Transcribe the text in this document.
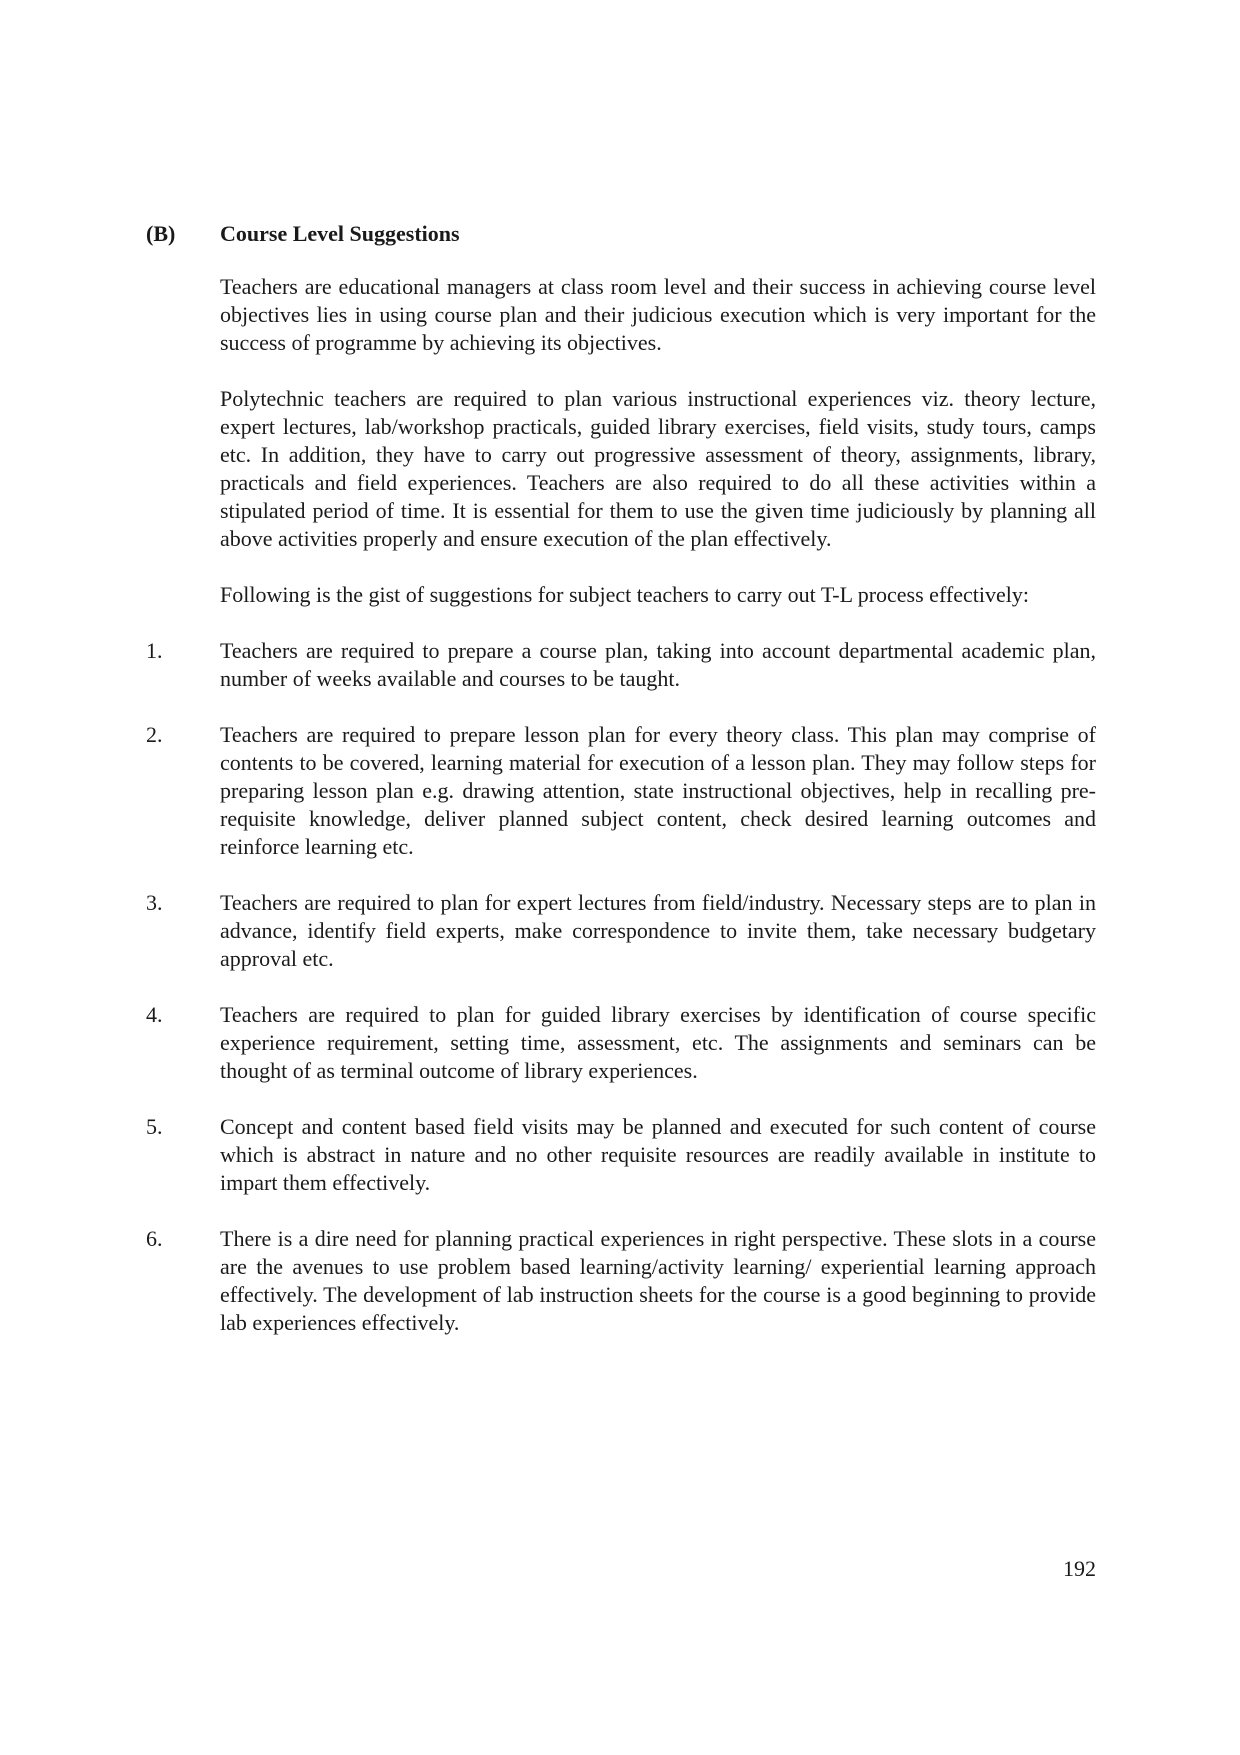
(B) Course Level Suggestions

Teachers are educational managers at class room level and their success in achieving course level objectives lies in using course plan and their judicious execution which is very important for the success of programme by achieving its objectives.

Polytechnic teachers are required to plan various instructional experiences viz. theory lecture, expert lectures, lab/workshop practicals, guided library exercises, field visits, study tours, camps etc. In addition, they have to carry out progressive assessment of theory, assignments, library, practicals and field experiences. Teachers are also required to do all these activities within a stipulated period of time. It is essential for them to use the given time judiciously by planning all above activities properly and ensure execution of the plan effectively.

Following is the gist of suggestions for subject teachers to carry out T-L process effectively:

1.	Teachers are required to prepare a course plan, taking into account departmental academic plan, number of weeks available and courses to be taught.
2.	Teachers are required to prepare lesson plan for every theory class. This plan may comprise of contents to be covered, learning material for execution of a lesson plan. They may follow steps for preparing lesson plan e.g. drawing attention, state instructional objectives, help in recalling pre-requisite knowledge, deliver planned subject content, check desired learning outcomes and reinforce learning etc.
3.	Teachers are required to plan for expert lectures from field/industry. Necessary steps are to plan in advance, identify field experts, make correspondence to invite them, take necessary budgetary approval etc.
4.	Teachers are required to plan for guided library exercises by identification of course specific experience requirement, setting time, assessment, etc. The assignments and seminars can be thought of as terminal outcome of library experiences.
5.	Concept and content based field visits may be planned and executed for such content of course which is abstract in nature and no other requisite resources are readily available in institute to impart them effectively.
6.	There is a dire need for planning practical experiences in right perspective. These slots in a course are the avenues to use problem based learning/activity learning/ experiential learning approach effectively. The development of lab instruction sheets for the course is a good beginning to provide lab experiences effectively.
192
